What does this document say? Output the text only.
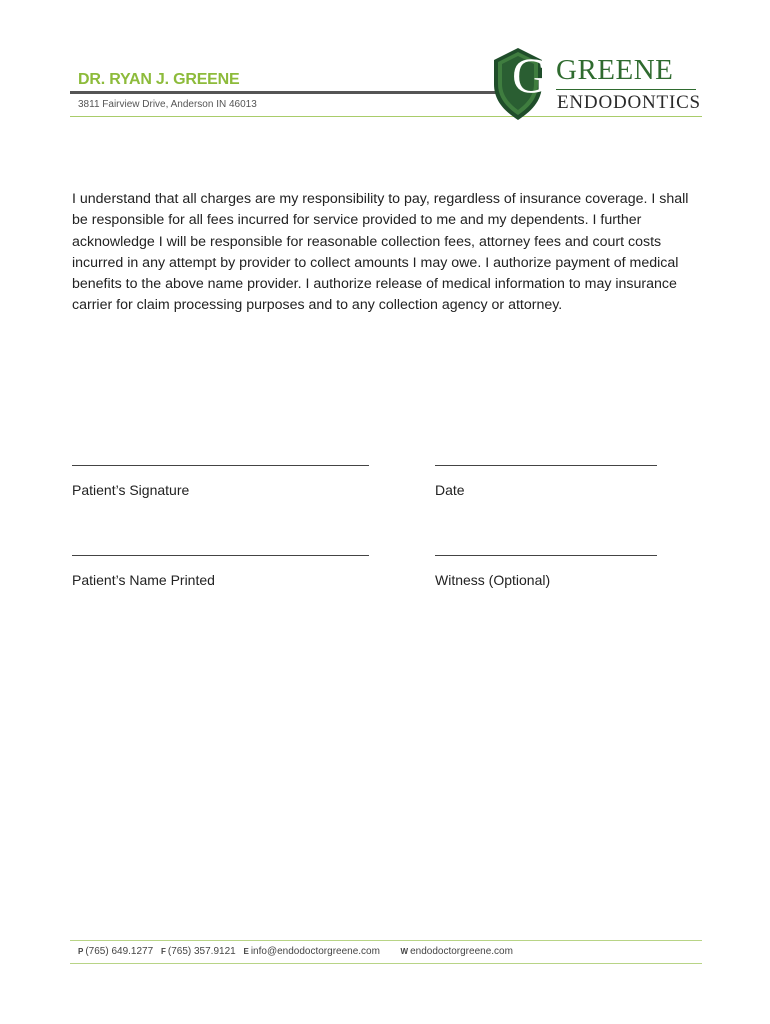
DR. RYAN J. GREENE
3811 Fairview Drive, Anderson IN 46013
G GREENE
ENDODONTICS
I understand that all charges are my responsibility to pay, regardless of insurance coverage. I shall be responsible for all fees incurred for service provided to me and my dependents. I further acknowledge I will be responsible for reasonable collection fees, attorney fees and court costs incurred in any attempt by provider to collect amounts I may owe. I authorize payment of medical benefits to the above name provider. I authorize release of medical information to may insurance carrier for claim processing purposes and to any collection agency or attorney.
Patient’s Signature	Date
Patient’s Name Printed	Witness (Optional)
P (765) 649.1277 F (765) 357.9121 E info@endodoctorgreene.com	W endodoctorgreene.com
